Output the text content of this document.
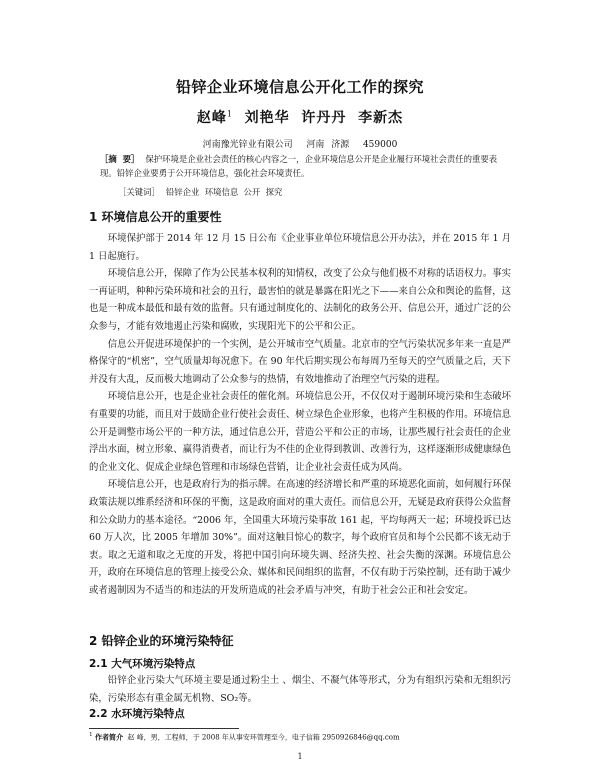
铅锌企业环境信息公开化工作的探究
赵峰$^1$ 刘艳华  许丹丹  李新杰
河南豫光锌业有限公司  河南 济源  459000
［摘  要］ 保护环境是企业社会责任的核心内容之一，企业环境信息公开是企业履行环境社会责任的重要表现。铅锌企业要勇于公开环境信息，强化社会环境责任。
［关键词］ 铅锌企业  环境信息  公开  探究
1 环境信息公开的重要性

环境保护部于 2014 年 12 月 15 日公布《企业事业单位环境信息公开办法》，并在 2015 年 1 月 1 日起施行。

环境信息公开，保障了作为公民基本权利的知情权，改变了公众与他们极不对称的话语权力。事实一再证明，种种污染环境和社会的丑行，最害怕的就是暴露在阳光之下——来自公众和舆论的监督，这也是一种成本最低和最有效的监督。只有通过制度化的、法制化的政务公开、信息公开，通过广泛的公众参与，才能有效地遏止污染和腐败，实现阳光下的公平和公正。

信息公开促进环境保护的一个实例，是公开城市空气质量。北京市的空气污染状况多年来一直是严格保守的“机密”，空气质量却每况愈下。在 90 年代后期实现公布每周乃至每天的空气质量之后，天下并没有大乱，反而极大地调动了公众参与的热情，有效地推动了治理空气污染的进程。

环境信息公开，也是企业社会责任的催化剂。环境信息公开，不仅仅对于遏制环境污染和生态破坏有重要的功能，而且对于鼓励企业行使社会责任、树立绿色企业形象，也将产生积极的作用。环境信息公开是调整市场公平的一种方法，通过信息公开，营造公平和公正的市场，让那些履行社会责任的企业浮出水面，树立形象、赢得消费者，而让行为不佳的企业得到教训、改善行为，这样逐渐形成健康绿色的企业文化、促成企业绿色管理和市场绿色营销，让企业社会责任成为风尚。

环境信息公开，也是政府行为的指示牌。在高速的经济增长和严重的环境恶化面前，如何履行环保政策法规以维系经济和环保的平衡，这是政府面对的重大责任。而信息公开，无疑是政府获得公众监督和公众助力的基本途径。“2006 年，全国重大环境污染事故 161 起，平均每两天一起；环境投诉已达 60 万人次，比 2005 年增加 30%”。面对这触目惊心的数字，每个政府官员和每个公民都不该无动于衷。取之无道和取之无度的开发，将把中国引向环境失调、经济失控、社会失衡的深渊。环境信息公开，政府在环境信息的管理上接受公众、媒体和民间组织的监督，不仅有助于污染控制，还有助于减少或者遏制因为不适当的和违法的开发所造成的社会矛盾与冲突，有助于社会公正和社会安定。

2 铅锌企业的环境污染特征
2.1 大气环境污染特点

铅锌企业污染大气环境主要是通过粉尘土 、烟尘、不凝气体等形式，分为有组织污染和无组织污染，污染形态有重金属无机物、SO₂等。

2.2 水环境污染特点
$^1$ 作者简介 赵 峰，男，工程师，于 2008 年从事安环管理至今，电子信箱 29509268​46@qq.com
1
